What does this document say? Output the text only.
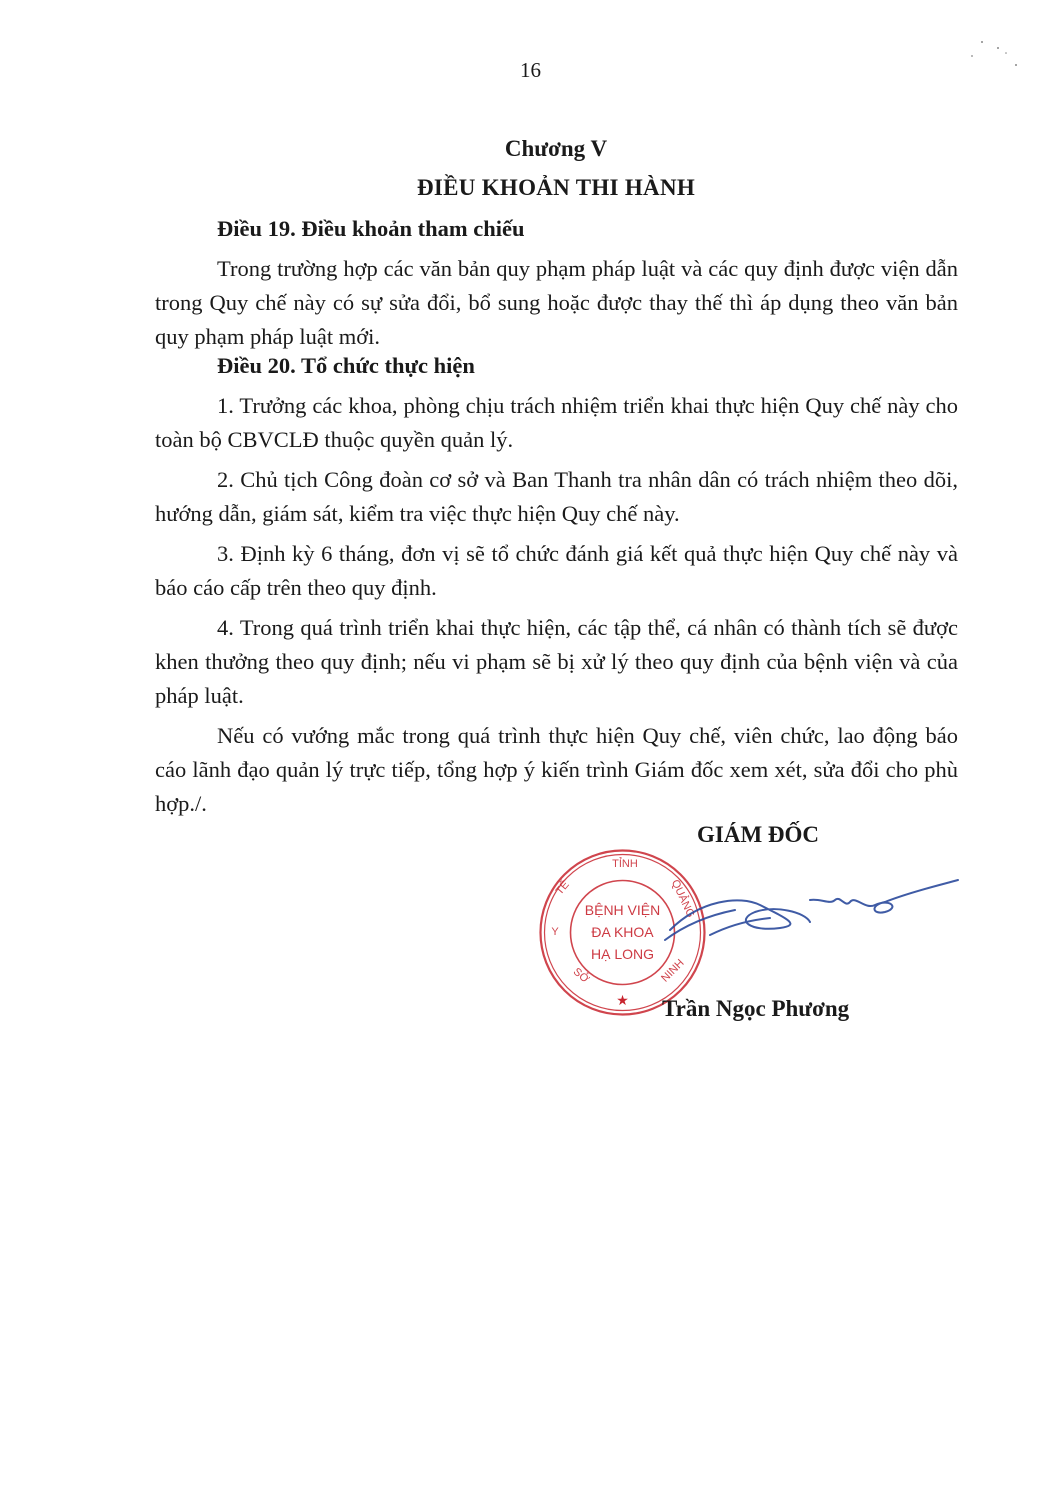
16
Chương V
ĐIỀU KHOẢN THI HÀNH

Điều 19. Điều khoản tham chiếu

Trong trường hợp các văn bản quy phạm pháp luật và các quy định được viện dẫn trong Quy chế này có sự sửa đổi, bổ sung hoặc được thay thế thì áp dụng theo văn bản quy phạm pháp luật mới.

Điều 20. Tổ chức thực hiện

1. Trưởng các khoa, phòng chịu trách nhiệm triển khai thực hiện Quy chế này cho toàn bộ CBVCLĐ thuộc quyền quản lý.

2. Chủ tịch Công đoàn cơ sở và Ban Thanh tra nhân dân có trách nhiệm theo dõi, hướng dẫn, giám sát, kiểm tra việc thực hiện Quy chế này.

3. Định kỳ 6 tháng, đơn vị sẽ tổ chức đánh giá kết quả thực hiện Quy chế này và báo cáo cấp trên theo quy định.

4. Trong quá trình triển khai thực hiện, các tập thể, cá nhân có thành tích sẽ được khen thưởng theo quy định; nếu vi phạm sẽ bị xử lý theo quy định của bệnh viện và của pháp luật.

Nếu có vướng mắc trong quá trình thực hiện Quy chế, viên chức, lao động báo cáo lãnh đạo quản lý trực tiếp, tổng hợp ý kiến trình Giám đốc xem xét, sửa đổi cho phù hợp./.

GIÁM ĐỐC
SỞ
Y
TẾ
TỈNH
QUẢNG
NINH
★
BỆNH VIỆN
ĐA KHOA
HẠ LONG
Trần Ngọc Phương
